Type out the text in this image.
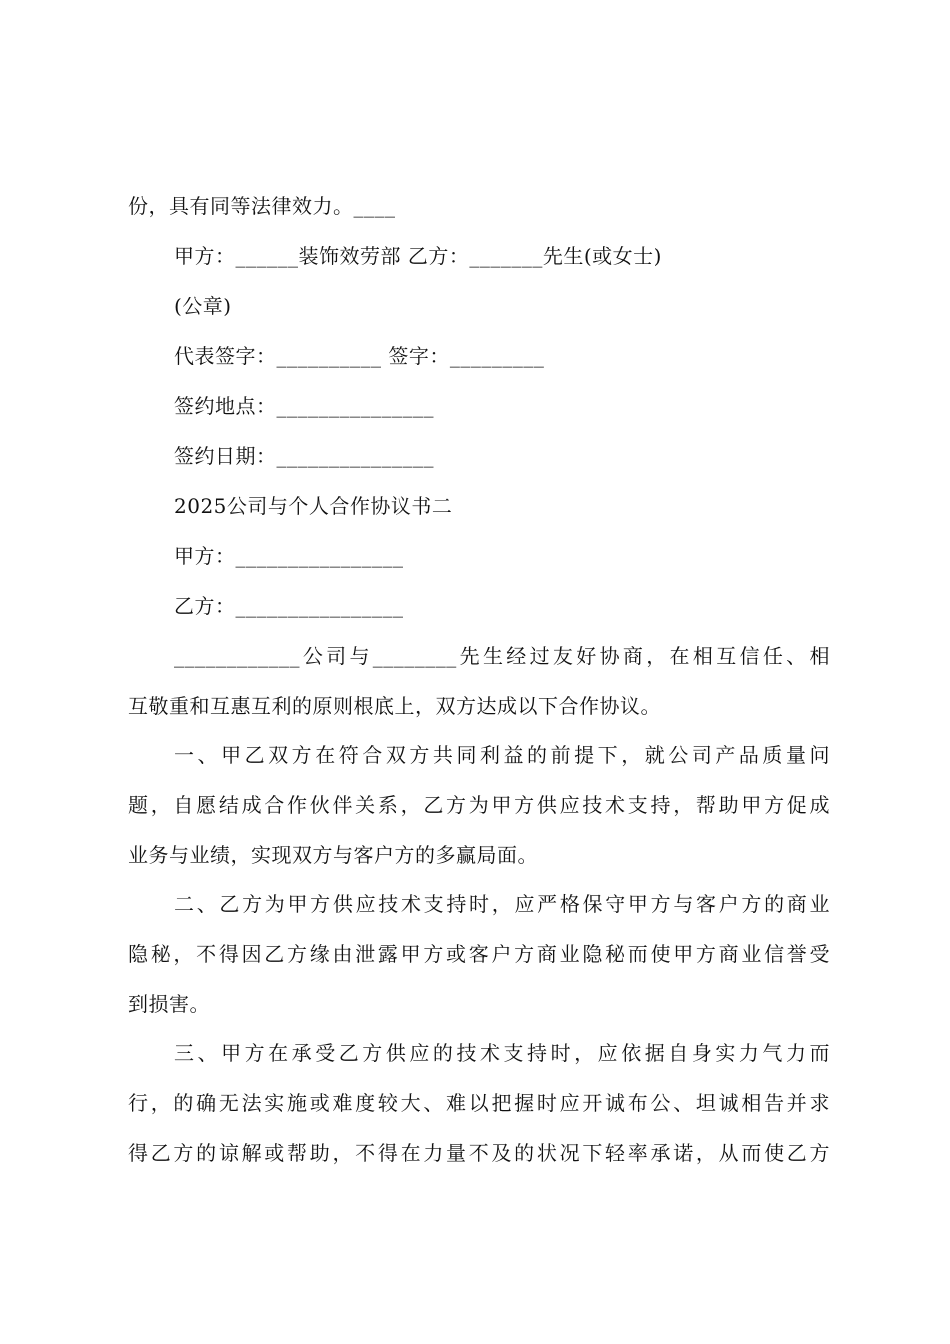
份，具有同等法律效力。____
甲方：______装饰效劳部 乙方：_______先生(或女士)
(公章)
代表签字：__________ 签字：_________
签约地点：_______________
签约日期：_______________
2025公司与个人合作协议书二
甲方：________________
乙方：________________
____________公司与________先生经过友好协商，在相互信任、相
互敬重和互惠互利的原则根底上，双方达成以下合作协议。
一、甲乙双方在符合双方共同利益的前提下，就公司产品质量问
题，自愿结成合作伙伴关系，乙方为甲方供应技术支持，帮助甲方促成
业务与业绩，实现双方与客户方的多赢局面。
二、乙方为甲方供应技术支持时，应严格保守甲方与客户方的商业
隐秘，不得因乙方缘由泄露甲方或客户方商业隐秘而使甲方商业信誉受
到损害。
三、甲方在承受乙方供应的技术支持时，应依据自身实力气力而
行，的确无法实施或难度较大、难以把握时应开诚布公、坦诚相告并求
得乙方的谅解或帮助，不得在力量不及的状况下轻率承诺，从而使乙方
